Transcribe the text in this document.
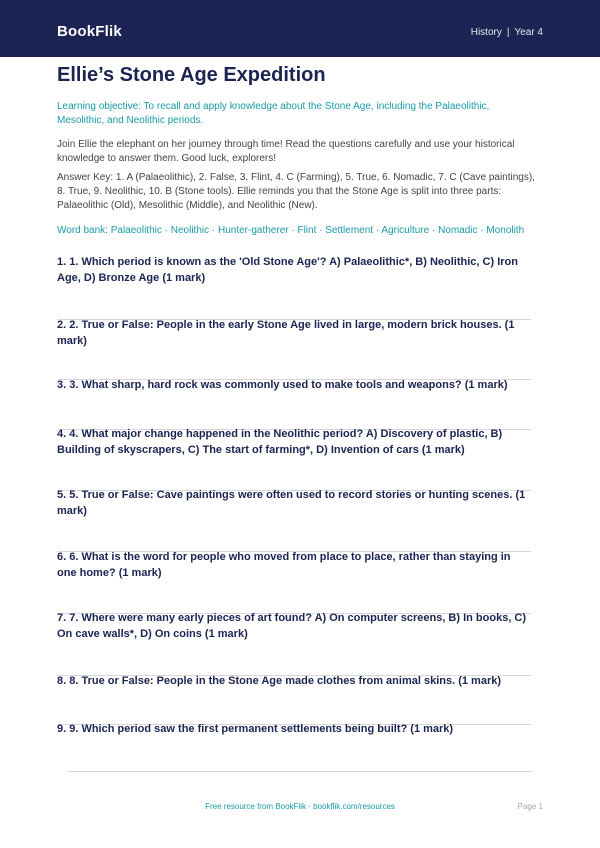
BookFlik	History | Year 4
Ellie’s Stone Age Expedition
Learning objective: To recall and apply knowledge about the Stone Age, including the Palaeolithic, Mesolithic, and Neolithic periods.
Join Ellie the elephant on her journey through time! Read the questions carefully and use your historical knowledge to answer them. Good luck, explorers!
Answer Key: 1. A (Palaeolithic), 2. False, 3. Flint, 4. C (Farming), 5. True, 6. Nomadic, 7. C (Cave paintings), 8. True, 9. Neolithic, 10. B (Stone tools). Ellie reminds you that the Stone Age is split into three parts: Palaeolithic (Old), Mesolithic (Middle), and Neolithic (New).
Word bank: Palaeolithic · Neolithic · Hunter-gatherer · Flint · Settlement · Agriculture · Nomadic · Monolith
1. 1. Which period is known as the 'Old Stone Age'? A) Palaeolithic*, B) Neolithic, C) Iron Age, D) Bronze Age (1 mark)
2. 2. True or False: People in the early Stone Age lived in large, modern brick houses. (1 mark)
3. 3. What sharp, hard rock was commonly used to make tools and weapons? (1 mark)
4. 4. What major change happened in the Neolithic period? A) Discovery of plastic, B) Building of skyscrapers, C) The start of farming*, D) Invention of cars (1 mark)
5. 5. True or False: Cave paintings were often used to record stories or hunting scenes. (1 mark)
6. 6. What is the word for people who moved from place to place, rather than staying in one home? (1 mark)
7. 7. Where were many early pieces of art found? A) On computer screens, B) In books, C) On cave walls*, D) On coins (1 mark)
8. 8. True or False: People in the Stone Age made clothes from animal skins. (1 mark)
9. 9. Which period saw the first permanent settlements being built? (1 mark)
Free resource from BookFlik · bookflik.com/resources	Page 1
